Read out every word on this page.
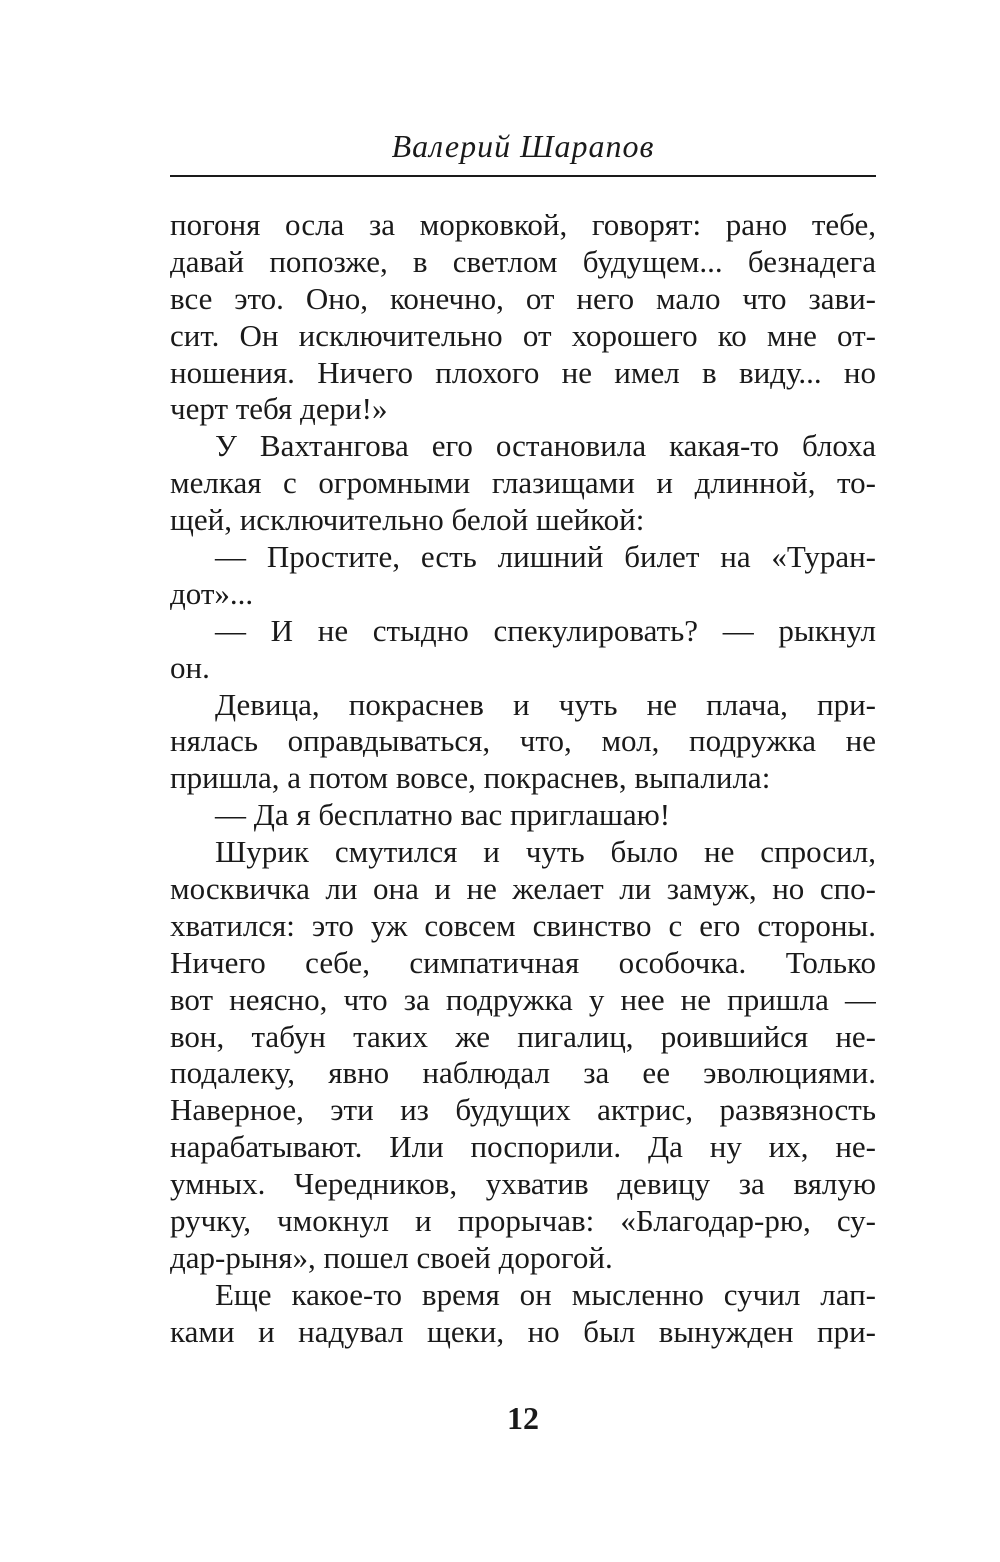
Валерий Шарапов
погоня осла за морковкой, говорят: рано тебе,
давай попозже, в светлом будущем... безнадега
все это. Оно, конечно, от него мало что зави-
сит. Он исключительно от хорошего ко мне от-
ношения. Ничего плохого не имел в виду... но
черт тебя дери!»
У Вахтангова его остановила какая-то блоха
мелкая с огромными глазищами и длинной, то-
щей, исключительно белой шейкой:
— Простите, есть лишний билет на «Туран-
дот»...
— И не стыдно спекулировать? — рыкнул
он.
Девица, покраснев и чуть не плача, при-
нялась оправдываться, что, мол, подружка не
пришла, а потом вовсе, покраснев, выпалила:
— Да я бесплатно вас приглашаю!
Шурик смутился и чуть было не спросил,
москвичка ли она и не желает ли замуж, но спо-
хватился: это уж совсем свинство с его стороны.
Ничего себе, симпатичная особочка. Только
вот неясно, что за подружка у нее не пришла —
вон, табун таких же пигалиц, роившийся не-
подалеку, явно наблюдал за ее эволюциями.
Наверное, эти из будущих актрис, развязность
нарабатывают. Или поспорили. Да ну их, не-
умных. Чередников, ухватив девицу за вялую
ручку, чмокнул и прорычав: «Благодар-рю, су-
дар-рыня», пошел своей дорогой.
Еще какое-то время он мысленно сучил лап-
ками и надувал щеки, но был вынужден при-
12
